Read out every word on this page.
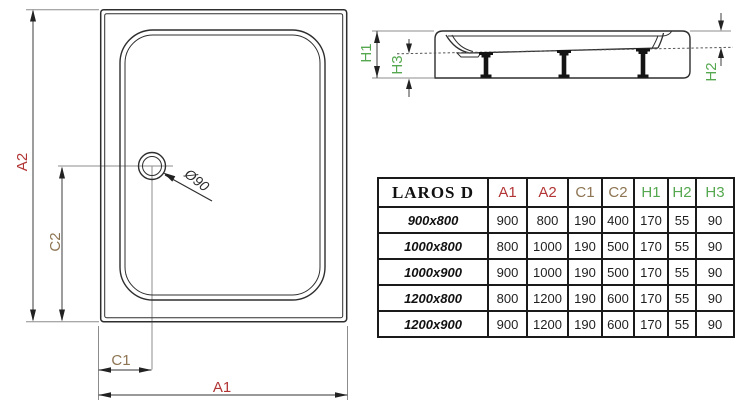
A2
C2
C1
A1
Ø90
H1
H3	H2
LAROS D	A1	A2	C1	C2	H1	H2	H3
900x800	900	800	190	400	170	55	90
1000x800	800	1000	190	500	170	55	90
1000x900	900	1000	190	500	170	55	90
1200x800	800	1200	190	600	170	55	90
1200x900	900	1200	190	600	170	55	90
